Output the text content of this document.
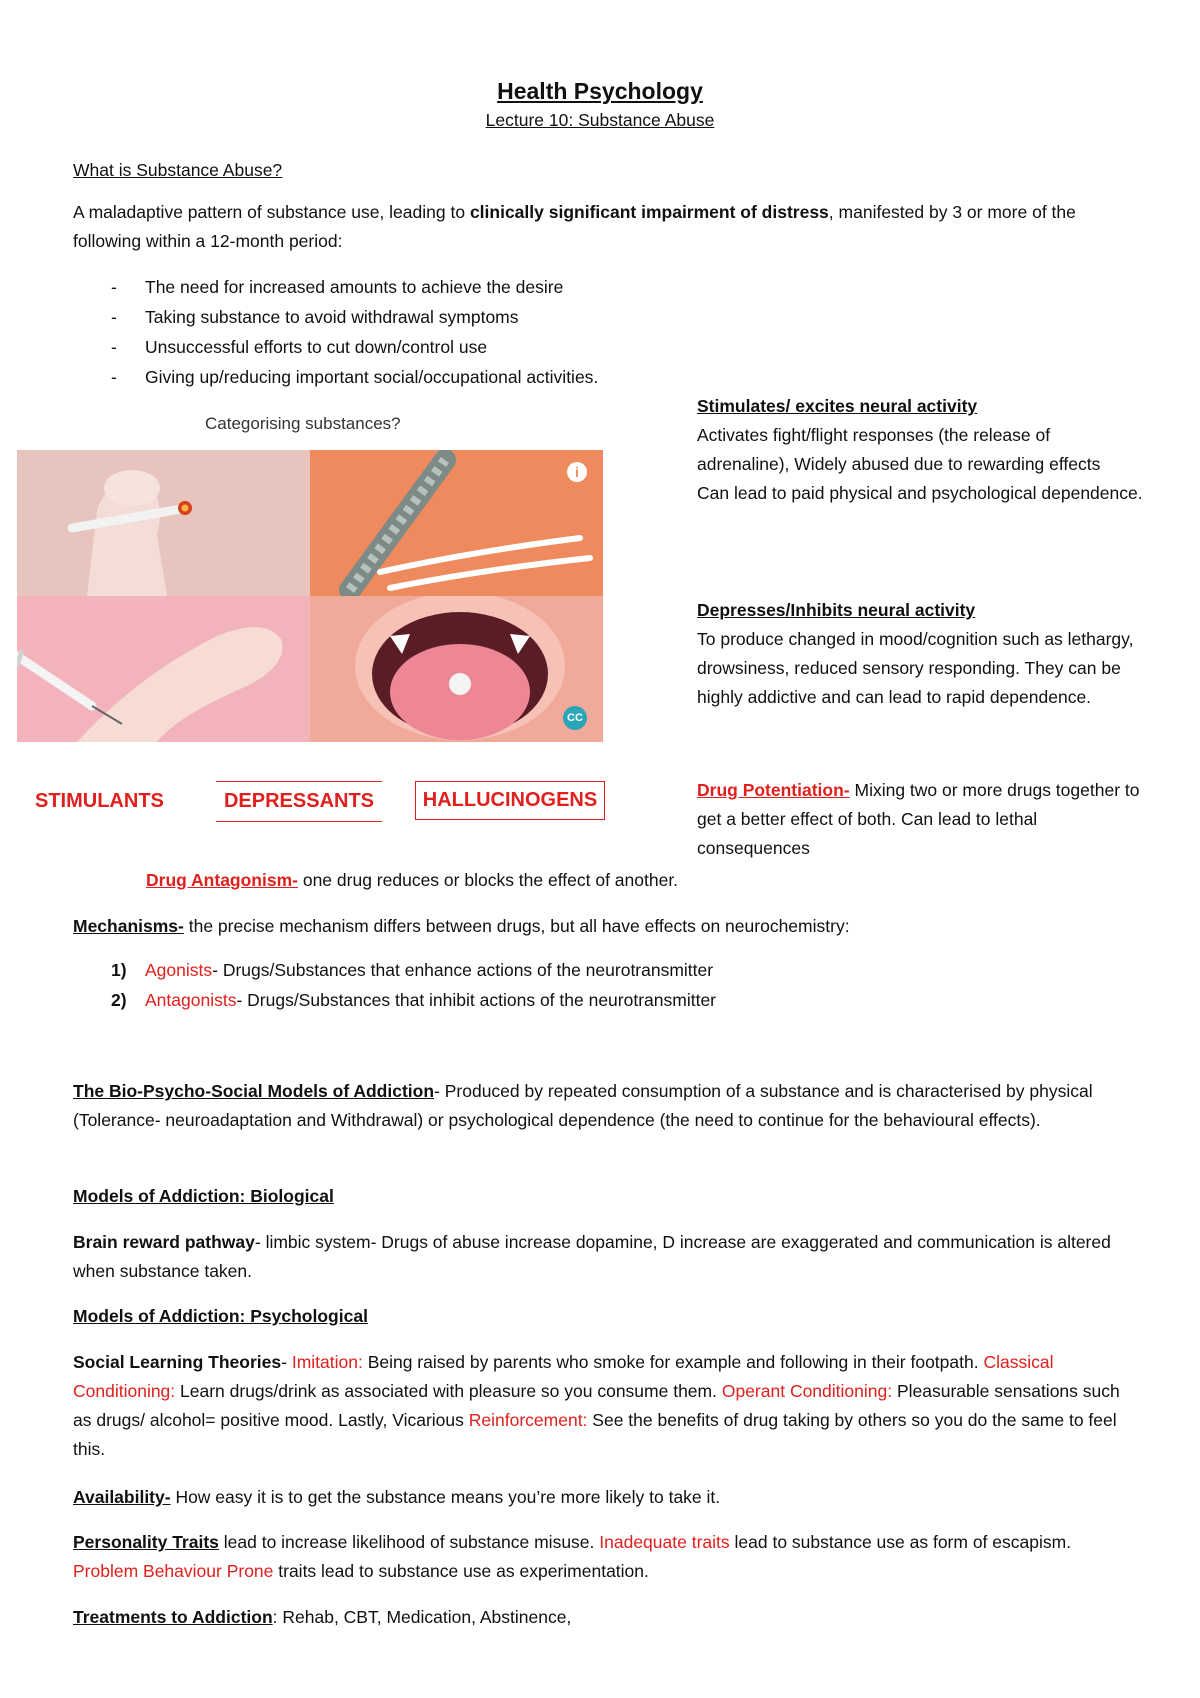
Health Psychology
Lecture 10: Substance Abuse
What is Substance Abuse?

A maladaptive pattern of substance use, leading to clinically significant impairment of distress, manifested by 3 or more of the following within a 12-month period:

- The need for increased amounts to achieve the desire
- Taking substance to avoid withdrawal symptoms
- Unsuccessful efforts to cut down/control use
- Giving up/reducing important social/occupational activities.
Categorising substances?
i
CC
STIMULANTS	DEPRESSANTS	HALLUCINOGENS
Stimulates/ excites neural activity

Activates fight/flight responses (the release of adrenaline), Widely abused due to rewarding effects

Can lead to paid physical and psychological dependence.

Depresses/Inhibits neural activity

To produce changed in mood/cognition such as lethargy, drowsiness, reduced sensory responding. They can be highly addictive and can lead to rapid dependence.

Drug Potentiation- Mixing two or more drugs together to get a better effect of both. Can lead to lethal consequences

Drug Antagonism- one drug reduces or blocks the effect of another.

Mechanisms- the precise mechanism differs between drugs, but all have effects on neurochemistry:

1) Agonists- Drugs/Substances that enhance actions of the neurotransmitter
2) Antagonists- Drugs/Substances that inhibit actions of the neurotransmitter

The Bio-Psycho-Social Models of Addiction- Produced by repeated consumption of a substance and is characterised by physical (Tolerance- neuroadaptation and Withdrawal) or psychological dependence (the need to continue for the behavioural effects).

Models of Addiction: Biological

Brain reward pathway- limbic system- Drugs of abuse increase dopamine, D increase are exaggerated and communication is altered when substance taken.

Models of Addiction: Psychological

Social Learning Theories- Imitation: Being raised by parents who smoke for example and following in their footpath. Classical Conditioning: Learn drugs/drink as associated with pleasure so you consume them. Operant Conditioning: Pleasurable sensations such as drugs/ alcohol= positive mood. Lastly, Vicarious Reinforcement: See the benefits of drug taking by others so you do the same to feel this.

Availability- How easy it is to get the substance means you’re more likely to take it.

Personality Traits lead to increase likelihood of substance misuse. Inadequate traits lead to substance use as form of escapism. Problem Behaviour Prone traits lead to substance use as experimentation.

Treatments to Addiction: Rehab, CBT, Medication, Abstinence,
